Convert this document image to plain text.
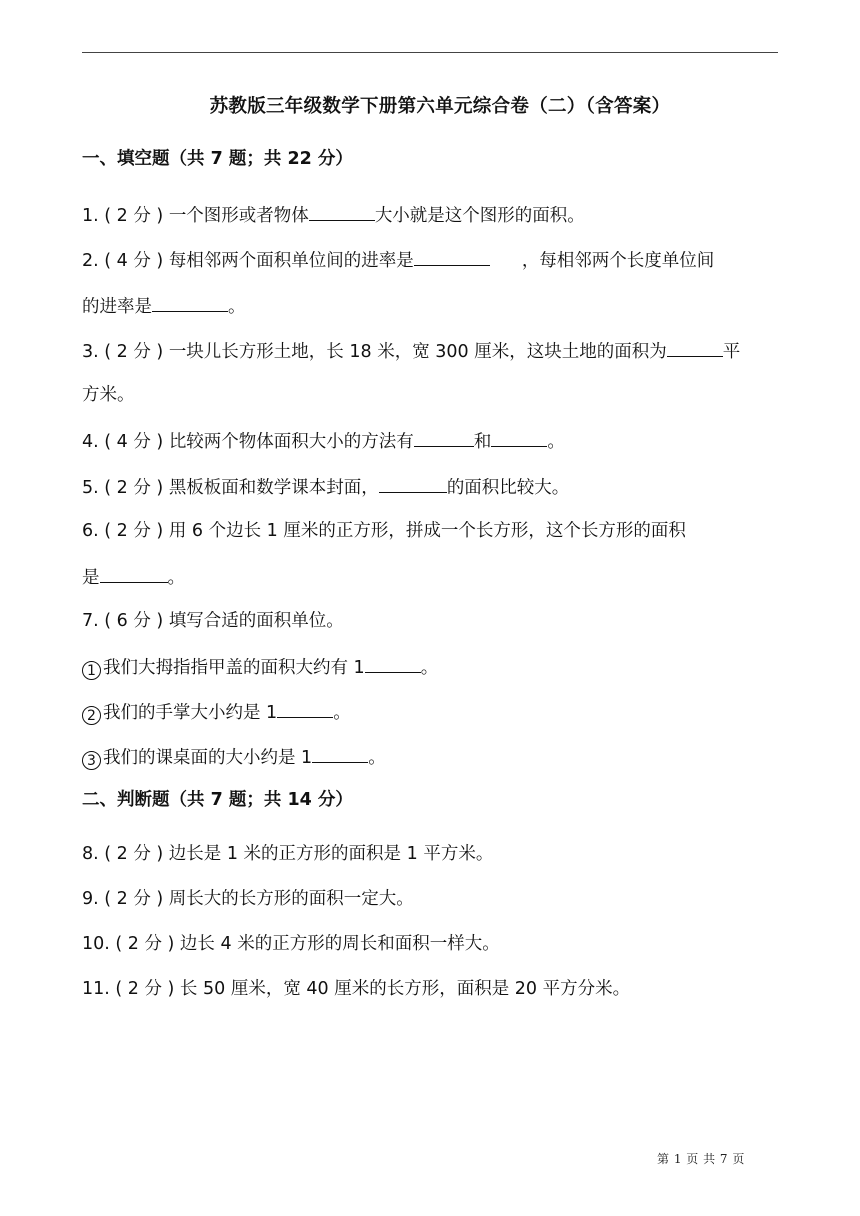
苏教版三年级数学下册第六单元综合卷（二）（含答案）
一、填空题（共 7 题；共 22 分）
1. ( 2 分 ) 一个图形或者物体	大小就是这个图形的面积。
2. ( 4 分 ) 每相邻两个面积单位间的进率是	，每相邻两个长度单位间
的进率是	。
3. ( 2 分 ) 一块儿长方形土地，长 18 米，宽 300 厘米，这块土地的面积为	平
方米。
4. ( 4 分 ) 比较两个物体面积大小的方法有	和	。
5. ( 2 分 ) 黑板板面和数学课本封面，	的面积比较大。
6. ( 2 分 ) 用 6 个边长 1 厘米的正方形，拼成一个长方形，这个长方形的面积
是	。
7. ( 6 分 ) 填写合适的面积单位。
1 我们大拇指指甲盖的面积大约有 1	。
2 我们的手掌大小约是 1	。
3 我们的课桌面的大小约是 1	。
二、判断题（共 7 题；共 14 分）
8. ( 2 分 ) 边长是 1 米的正方形的面积是 1 平方米。
9. ( 2 分 ) 周长大的长方形的面积一定大。
10. ( 2 分 ) 边长 4 米的正方形的周长和面积一样大。
11. ( 2 分 ) 长 50 厘米，宽 40 厘米的长方形，面积是 20 平方分米。
第 1 页 共 7 页
